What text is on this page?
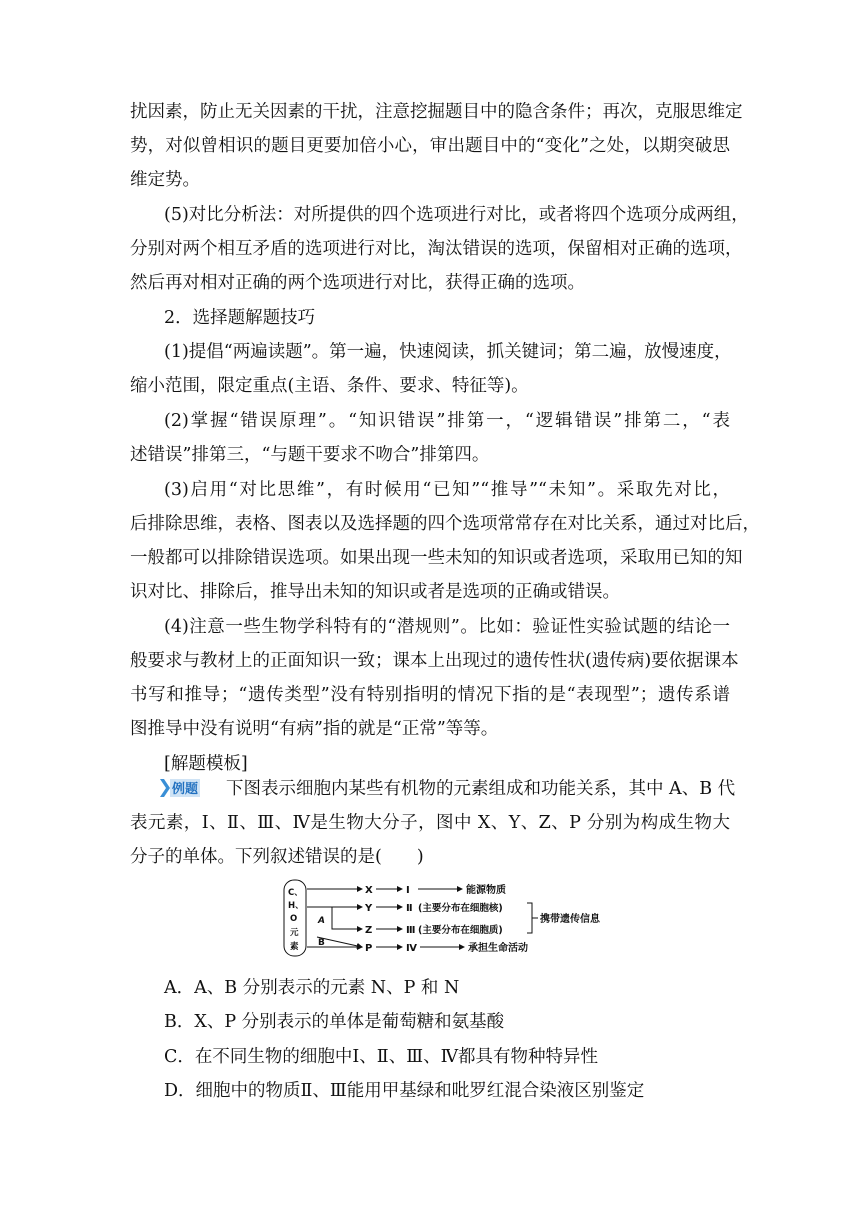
扰因素，防止无关因素的干扰，注意挖掘题目中的隐含条件；再次，克服思维定
势，对似曾相识的题目更要加倍小心，审出题目中的“变化”之处，以期突破思
维定势。
(5)对比分析法：对所提供的四个选项进行对比，或者将四个选项分成两组，
分别对两个相互矛盾的选项进行对比，淘汰错误的选项，保留相对正确的选项，
然后再对相对正确的两个选项进行对比，获得正确的选项。
2．选择题解题技巧
(1)提倡“两遍读题”。第一遍，快速阅读，抓关键词；第二遍，放慢速度，
缩小范围，限定重点(主语、条件、要求、特征等)。
(2)掌握“错误原理”。“知识错误”排第一，“逻辑错误”排第二，“表
述错误”排第三，“与题干要求不吻合”排第四。
(3)启用“对比思维”，有时候用“已知”“推导”“未知”。采取先对比，
后排除思维，表格、图表以及选择题的四个选项常常存在对比关系，通过对比后，
一般都可以排除错误选项。如果出现一些未知的知识或者选项，采取用已知的知
识对比、排除后，推导出未知的知识或者是选项的正确或错误。
(4)注意一些生物学科特有的“潜规则”。比如：验证性实验试题的结论一
般要求与教材上的正面知识一致；课本上出现过的遗传性状(遗传病)要依据课本
书写和推导；“遗传类型”没有特别指明的情况下指的是“表现型”；遗传系谱
图推导中没有说明“有病”指的就是“正常”等等。
[解题模板]
例题 下图表示细胞内某些有机物的元素组成和功能关系，其中 A、B 代
表元素，Ⅰ、Ⅱ、Ⅲ、Ⅳ是生物大分子，图中 X、Y、Z、P 分别为构成生物大
分子的单体。下列叙述错误的是(　　)
C、
H、
O
元
素
A
B
X
Y
Z
P
Ⅰ
Ⅱ (主要分布在细胞核)
Ⅲ (主要分布在细胞质)
Ⅳ
能源物质
承担生命活动
携带遗传信息
A．A、B 分别表示的元素 N、P 和 N
B．X、P 分别表示的单体是葡萄糖和氨基酸
C．在不同生物的细胞中Ⅰ、Ⅱ、Ⅲ、Ⅳ都具有物种特异性
D．细胞中的物质Ⅱ、Ⅲ能用甲基绿和吡罗红混合染液区别鉴定
